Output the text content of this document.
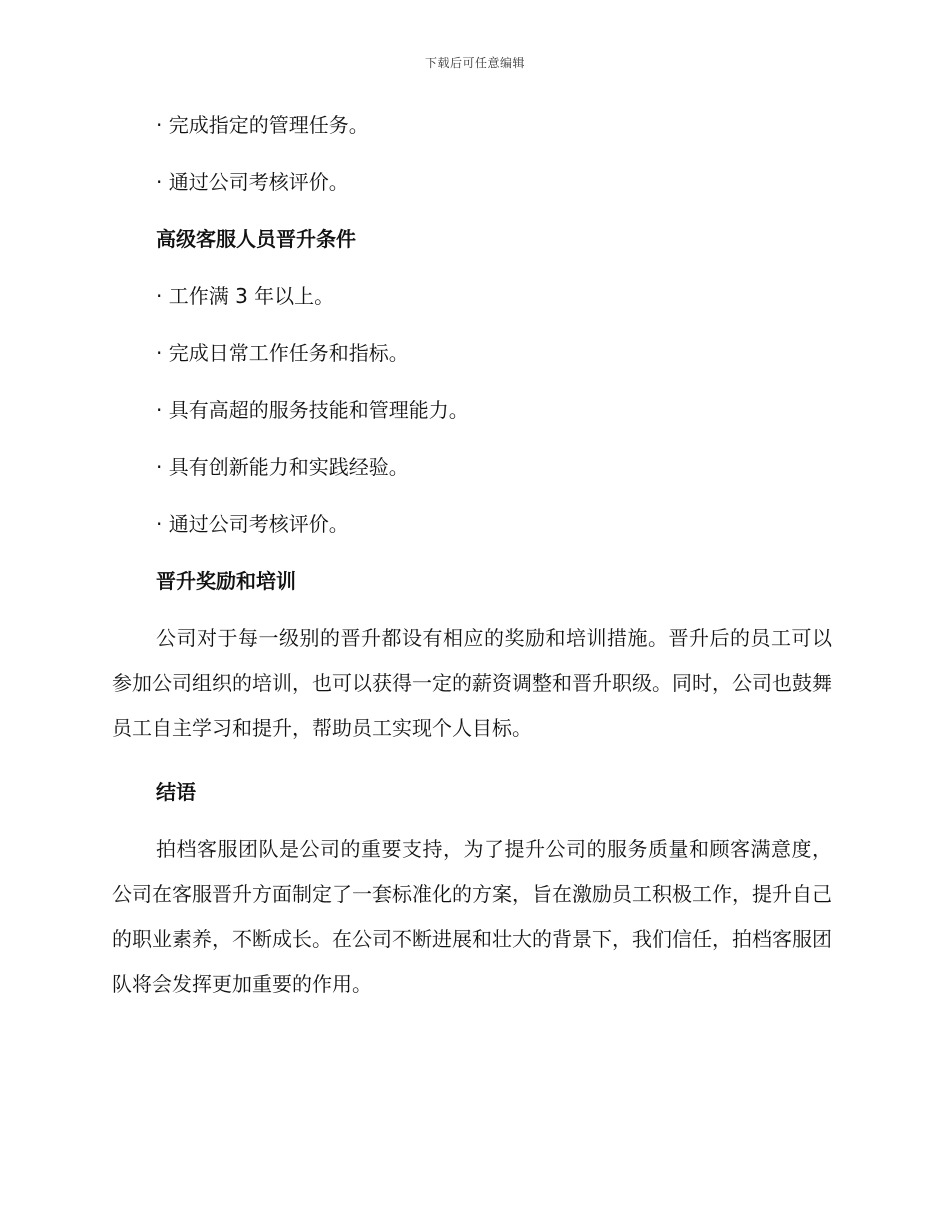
下载后可任意编辑

· 完成指定的管理任务。

· 通过公司考核评价。

高级客服人员晋升条件

· 工作满 3 年以上。

· 完成日常工作任务和指标。

· 具有高超的服务技能和管理能力。

· 具有创新能力和实践经验。

· 通过公司考核评价。

晋升奖励和培训

公司对于每一级别的晋升都设有相应的奖励和培训措施。晋升后的员工可以参加公司组织的培训，也可以获得一定的薪资调整和晋升职级。同时，公司也鼓舞员工自主学习和提升，帮助员工实现个人目标。

结语

拍档客服团队是公司的重要支持，为了提升公司的服务质量和顾客满意度，公司在客服晋升方面制定了一套标准化的方案，旨在激励员工积极工作，提升自己的职业素养，不断成长。在公司不断进展和壮大的背景下，我们信任，拍档客服团队将会发挥更加重要的作用。
